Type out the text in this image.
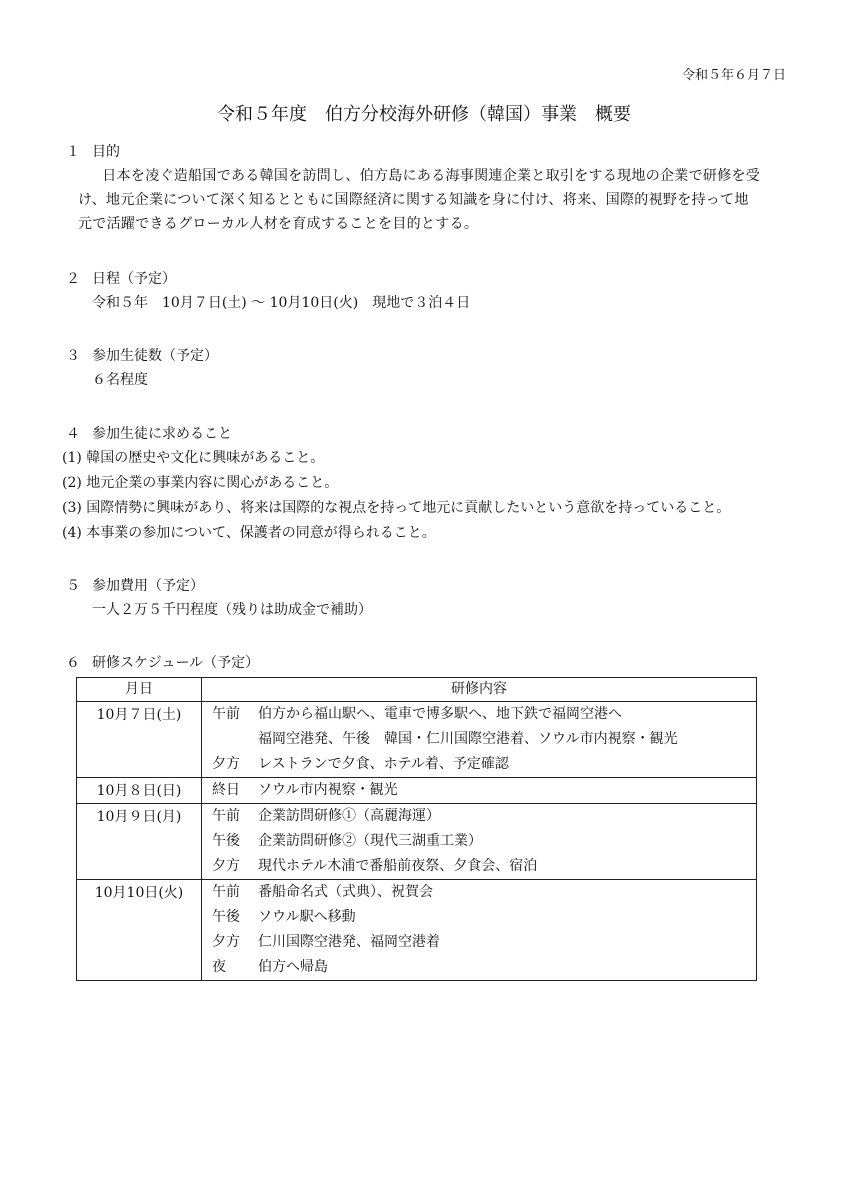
令和５年６月７日
令和５年度　伯方分校海外研修（韓国）事業　概要
１ 目的
　日本を凌ぐ造船国である韓国を訪問し、伯方島にある海事関連企業と取引をする現地の企業で研修を受
け、地元企業について深く知るとともに国際経済に関する知識を身に付け、将来、国際的視野を持って地
元で活躍できるグローカル人材を育成することを目的とする。
２ 日程（予定）
令和５年　10月７日(土) ～ 10月10日(火)　現地で３泊４日
３ 参加生徒数（予定）
６名程度
４ 参加生徒に求めること
(1) 韓国の歴史や文化に興味があること。
(2) 地元企業の事業内容に関心があること。
(3) 国際情勢に興味があり、将来は国際的な視点を持って地元に貢献したいという意欲を持っていること。
(4) 本事業の参加について、保護者の同意が得られること。
５ 参加費用（予定）
一人２万５千円程度（残りは助成金で補助）
６ 研修スケジュール（予定）
月日	研修内容
10月７日(土)	午前 伯方から福山駅へ、電車で博多駅へ、地下鉄で福岡空港へ
福岡空港発、午後　韓国・仁川国際空港着、ソウル市内視察・観光
夕方 レストランで夕食、ホテル着、予定確認

10月８日(日)	終日 ソウル市内視察・観光

10月９日(月)	午前 企業訪問研修①（高麗海運）
午後 企業訪問研修②（現代三湖重工業）
夕方 現代ホテル木浦で番船前夜祭、夕食会、宿泊

10月10日(火)	午前 番船命名式（式典）、祝賀会
午後 ソウル駅へ移動
夕方 仁川国際空港発、福岡空港着
夜 伯方へ帰島
